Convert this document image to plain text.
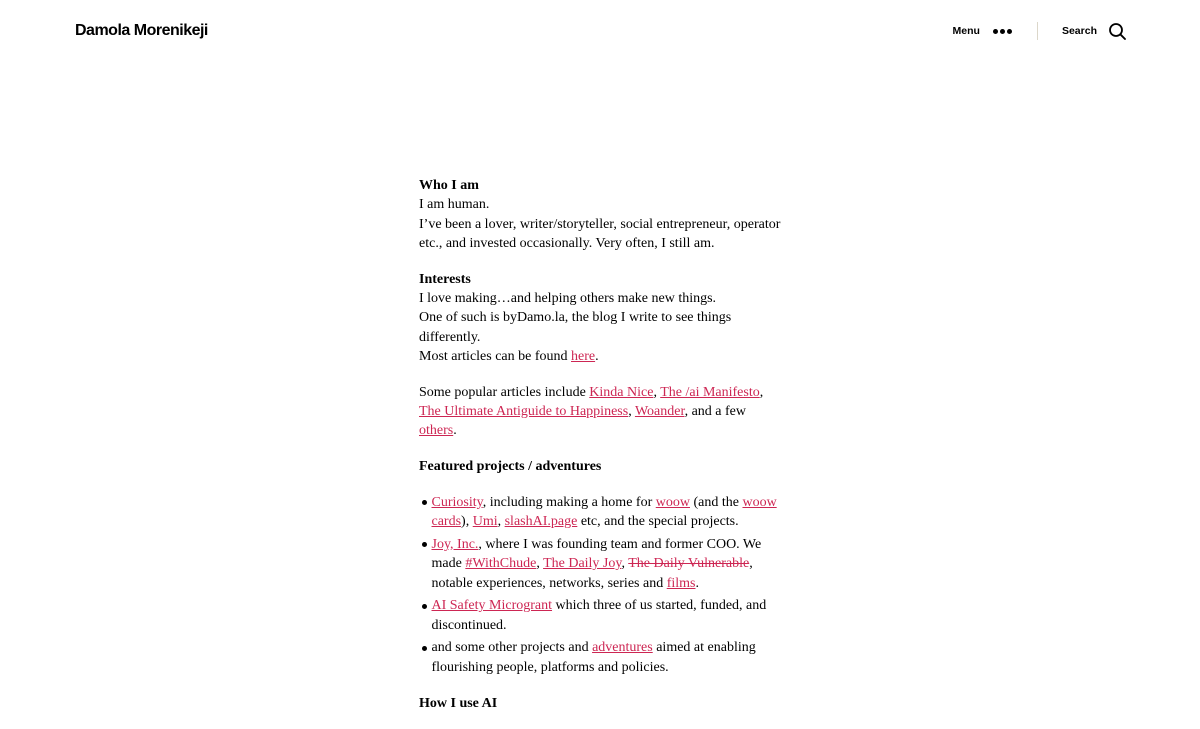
Damola Morenikeji	Menu	Search

Who I am
I am human.
I’ve been a lover, writer/storyteller, social entrepreneur, operator etc., and invested occasionally. Very often, I still am.

Interests
I love making…and helping others make new things.
One of such is byDamo.la, the blog I write to see things differently.
Most articles can be found here.

Some popular articles include Kinda Nice, The /ai Manifesto, The Ultimate Antiguide to Happiness, Woander, and a few others.

Featured projects / adventures

Curiosity, including making a home for woow (and the woow cards), Umi, slashAI.page etc, and the special projects.
Joy, Inc., where I was founding team and former COO. We made #WithChude, The Daily Joy, The Daily Vulnerable, notable experiences, networks, series and films.
AI Safety Microgrant which three of us started, funded, and discontinued.
and some other projects and adventures aimed at enabling flourishing people, platforms and policies.

How I use AI
